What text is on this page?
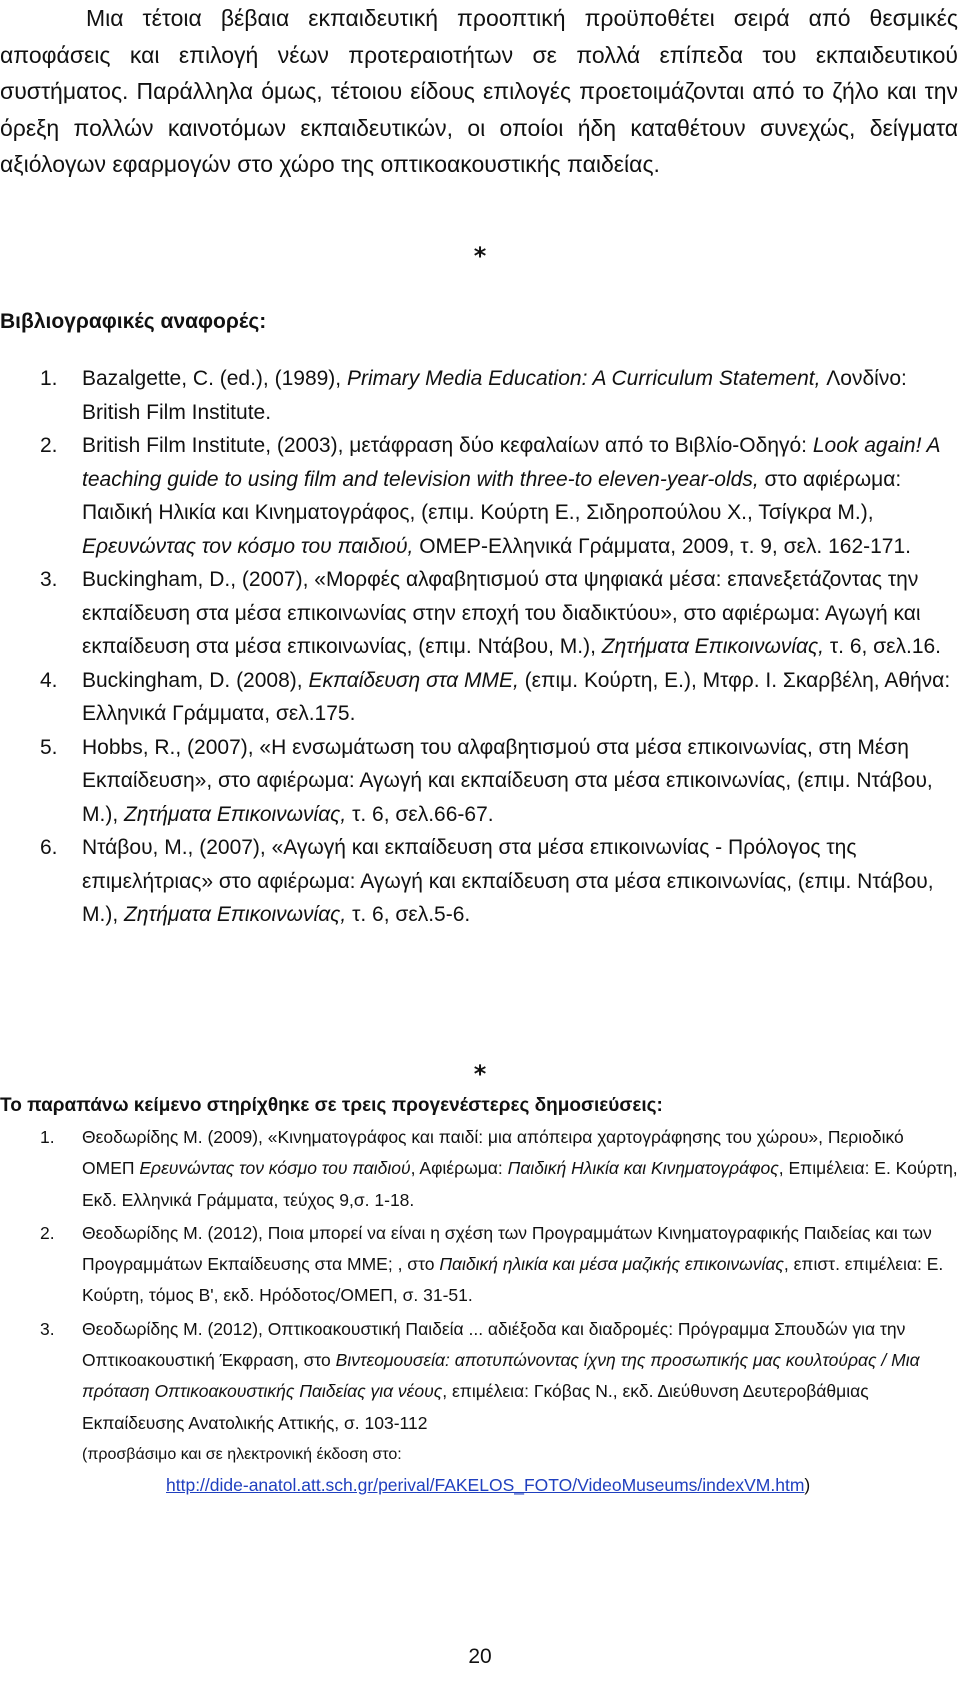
Μια τέτοια βέβαια εκπαιδευτική προοπτική προϋποθέτει σειρά από θεσμικές αποφάσεις και επιλογή νέων προτεραιοτήτων σε πολλά επίπεδα του εκπαιδευτικού συστήματος. Παράλληλα όμως, τέτοιου είδους επιλογές προετοιμάζονται από το ζήλο και την όρεξη πολλών καινοτόμων εκπαιδευτικών, οι οποίοι ήδη καταθέτουν συνεχώς, δείγματα αξιόλογων εφαρμογών στο χώρο της οπτικοακουστικής παιδείας.

*

Βιβλιογραφικές αναφορές:

1. Bazalgette, C. (ed.), (1989), Primary Media Education: A Curriculum Statement, Λονδίνο: British Film Institute.
2. British Film Institute, (2003), μετάφραση δύο κεφαλαίων από το Βιβλίο-Οδηγό: Look again! A teaching guide to using film and television with three-to eleven-year-olds, στο αφιέρωμα: Παιδική Ηλικία και Κινηματογράφος, (επιμ. Κούρτη Ε., Σιδηροπούλου Χ., Τσίγκρα Μ.), Ερευνώντας τον κόσμο του παιδιού, ΟΜΕΡ-Ελληνικά Γράμματα, 2009, τ. 9, σελ. 162-171.
3. Buckingham, D., (2007), «Μορφές αλφαβητισμού στα ψηφιακά μέσα: επανεξετάζοντας την εκπαίδευση στα μέσα επικοινωνίας στην εποχή του διαδικτύου», στο αφιέρωμα: Αγωγή και εκπαίδευση στα μέσα επικοινωνίας, (επιμ. Ντάβου, Μ.), Ζητήματα Επικοινωνίας, τ. 6, σελ.16.
4. Buckingham, D. (2008), Εκπαίδευση στα ΜΜΕ, (επιμ. Κούρτη, Ε.), Μτφρ. Ι. Σκαρβέλη, Αθήνα: Ελληνικά Γράμματα, σελ.175.
5. Hobbs, R., (2007), «Η ενσωμάτωση του αλφαβητισμού στα μέσα επικοινωνίας, στη Μέση Εκπαίδευση», στο αφιέρωμα: Αγωγή και εκπαίδευση στα μέσα επικοινωνίας, (επιμ. Ντάβου, Μ.), Ζητήματα Επικοινωνίας, τ. 6, σελ.66-67.
6. Ντάβου, Μ., (2007), «Αγωγή και εκπαίδευση στα μέσα επικοινωνίας - Πρόλογος της επιμελήτριας» στο αφιέρωμα: Αγωγή και εκπαίδευση στα μέσα επικοινωνίας, (επιμ. Ντάβου, Μ.), Ζητήματα Επικοινωνίας, τ. 6, σελ.5-6.
*

Το παραπάνω κείμενο στηρίχθηκε σε τρεις προγενέστερες δημοσιεύσεις:

1. Θεοδωρίδης Μ. (2009), «Κινηματογράφος και παιδί: μια απόπειρα χαρτογράφησης του χώρου», Περιοδικό ΟΜΕΠ Ερευνώντας τον κόσμο του παιδιού, Αφιέρωμα: Παιδική Ηλικία και Κινηματογράφος, Επιμέλεια: Ε. Κούρτη, Εκδ. Ελληνικά Γράμματα, τεύχος 9,σ. 1-18.
2. Θεοδωρίδης Μ. (2012), Ποια μπορεί να είναι η σχέση των Προγραμμάτων Κινηματογραφικής Παιδείας και των Προγραμμάτων Εκπαίδευσης στα ΜΜΕ; , στο Παιδική ηλικία και μέσα μαζικής επικοινωνίας, επιστ. επιμέλεια: Ε. Κούρτη, τόμος Β', εκδ. Ηρόδοτος/ΟΜΕΠ, σ. 31-51.
3. Θεοδωρίδης Μ. (2012), Οπτικοακουστική Παιδεία ... αδιέξοδα και διαδρομές: Πρόγραμμα Σπουδών για την Οπτικοακουστική Έκφραση, στο Βιντεομουσεία: αποτυπώνοντας ίχνη της προσωπικής μας κουλτούρας / Μια πρόταση Οπτικοακουστικής Παιδείας για νέους, επιμέλεια: Γκόβας Ν., εκδ. Διεύθυνση Δευτεροβάθμιας Εκπαίδευσης Ανατολικής Αττικής, σ. 103-112
(προσβάσιμο και σε ηλεκτρονική έκδοση στο:
http://dide-anatol.att.sch.gr/perival/FAKELOS_FOTO/VideoMuseums/indexVM.htm)
20
